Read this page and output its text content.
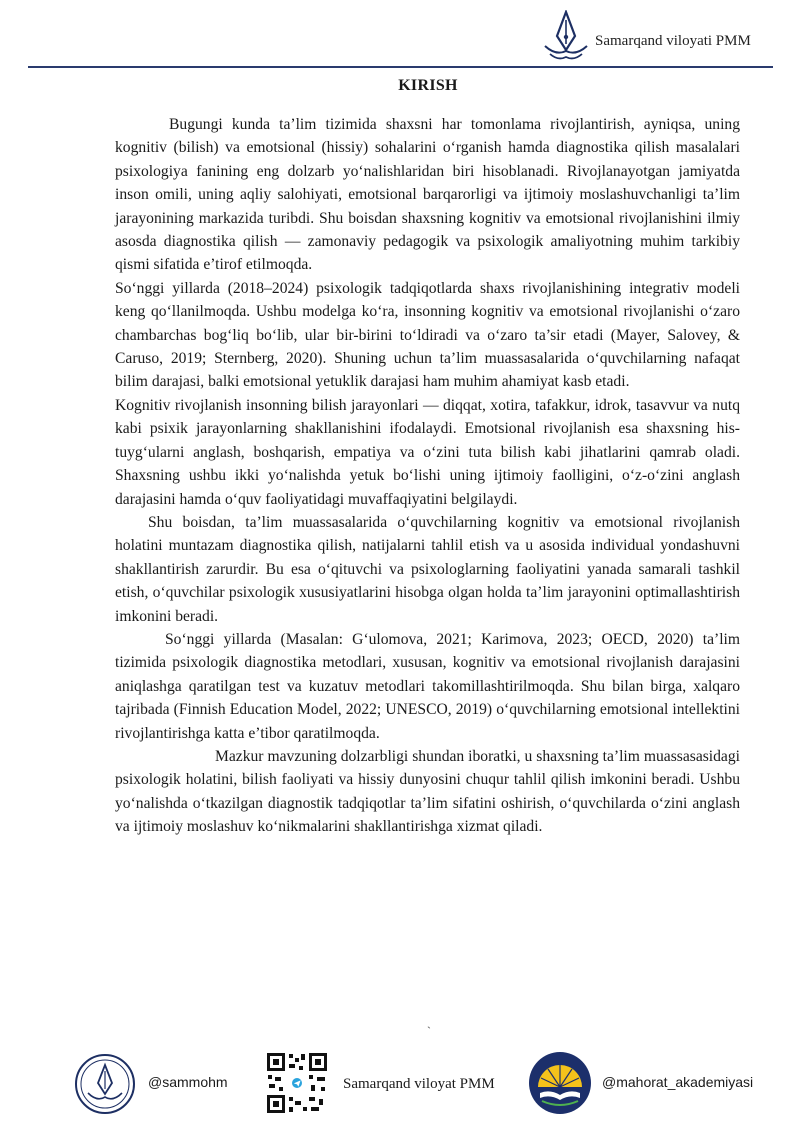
Samarqand viloyati PMM
KIRISH

Bugungi kunda ta’lim tizimida shaxsni har tomonlama rivojlantirish, ayniqsa, uning kognitiv (bilish) va emotsional (hissiy) sohalarini o‘rganish hamda diagnostika qilish masalalari psixologiya fanining eng dolzarb yo‘nalishlaridan biri hisoblanadi. Rivojlanayotgan jamiyatda inson omili, uning aqliy salohiyati, emotsional barqarorligi va ijtimoiy moslashuvchanligi ta’lim jarayonining markazida turibdi. Shu boisdan shaxsning kognitiv va emotsional rivojlanishini ilmiy asosda diagnostika qilish — zamonaviy pedagogik va psixologik amaliyotning muhim tarkibiy qismi sifatida e’tirof etilmoqda.

So‘nggi yillarda (2018–2024) psixologik tadqiqotlarda shaxs rivojlanishining integrativ modeli keng qo‘llanilmoqda. Ushbu modelga ko‘ra, insonning kognitiv va emotsional rivojlanishi o‘zaro chambarchas bog‘liq bo‘lib, ular bir-birini to‘ldiradi va o‘zaro ta’sir etadi (Mayer, Salovey, & Caruso, 2019; Sternberg, 2020). Shuning uchun ta’lim muassasalarida o‘quvchilarning nafaqat bilim darajasi, balki emotsional yetuklik darajasi ham muhim ahamiyat kasb etadi.

Kognitiv rivojlanish insonning bilish jarayonlari — diqqat, xotira, tafakkur, idrok, tasavvur va nutq kabi psixik jarayonlarning shakllanishini ifodalaydi. Emotsional rivojlanish esa shaxsning his-tuyg‘ularni anglash, boshqarish, empatiya va o‘zini tuta bilish kabi jihatlarini qamrab oladi. Shaxsning ushbu ikki yo‘nalishda yetuk bo‘lishi uning ijtimoiy faolligini, o‘z-o‘zini anglash darajasini hamda o‘quv faoliyatidagi muvaffaqiyatini belgilaydi.

Shu boisdan, ta’lim muassasalarida o‘quvchilarning kognitiv va emotsional rivojlanish holatini muntazam diagnostika qilish, natijalarni tahlil etish va u asosida individual yondashuvni shakllantirish zarurdir. Bu esa o‘qituvchi va psixologlarning faoliyatini yanada samarali tashkil etish, o‘quvchilar psixologik xususiyatlarini hisobga olgan holda ta’lim jarayonini optimallashtirish imkonini beradi.

So‘nggi yillarda (Masalan: G‘ulomova, 2021; Karimova, 2023; OECD, 2020) ta’lim tizimida psixologik diagnostika metodlari, xususan, kognitiv va emotsional rivojlanish darajasini aniqlashga qaratilgan test va kuzatuv metodlari takomillashtirilmoqda. Shu bilan birga, xalqaro tajribada (Finnish Education Model, 2022; UNESCO, 2019) o‘quvchilarning emotsional intellektini rivojlantirishga katta e’tibor qaratilmoqda.

Mazkur mavzuning dolzarbligi shundan iboratki, u shaxsning ta’lim muassasasidagi psixologik holatini, bilish faoliyati va hissiy dunyosini chuqur tahlil qilish imkonini beradi. Ushbu yo‘nalishda o‘tkazilgan diagnostik tadqiqotlar ta’lim sifatini oshirish, o‘quvchilarda o‘zini anglash va ijtimoiy moslashuv ko‘nikmalarini shakllantirishga xizmat qiladi.

`
@sammohm	Samarqand viloyat PMM	@mahorat_akademiyasi
